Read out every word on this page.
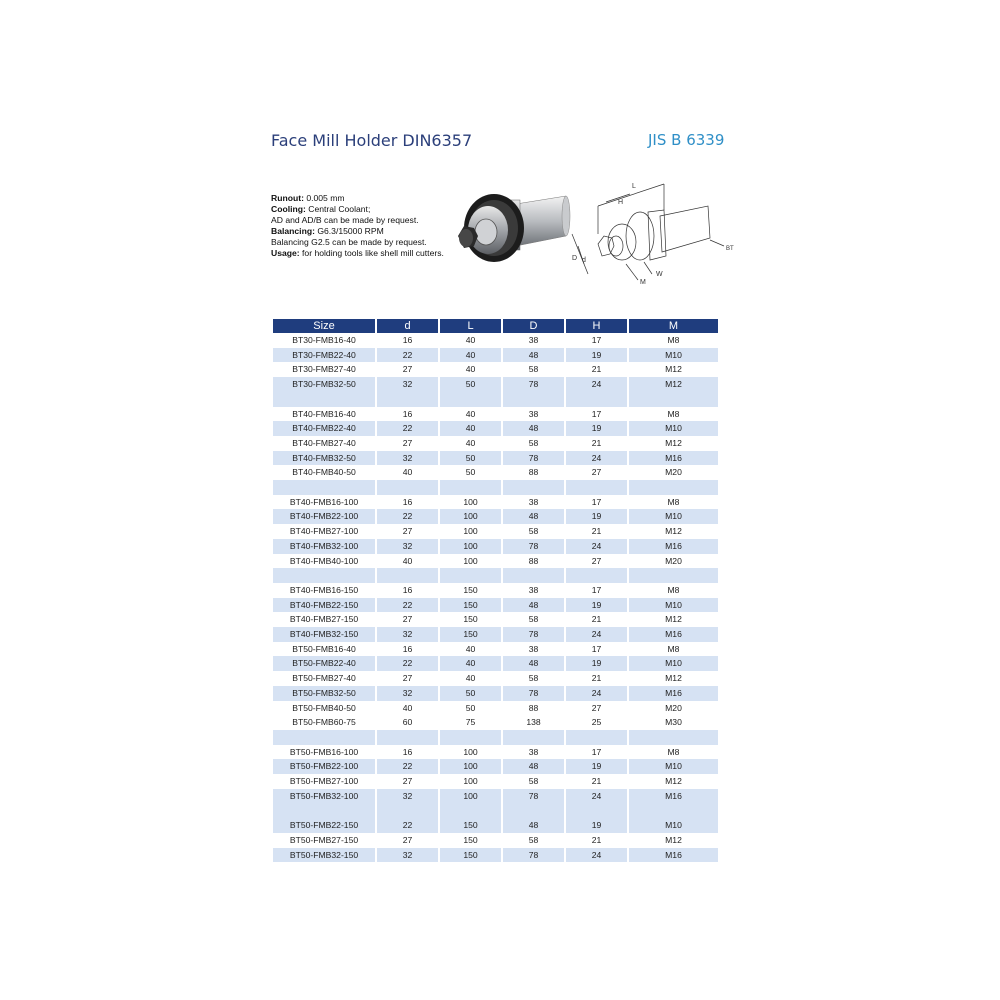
Face Mill Holder DIN6357	JIS B 6339
Runout: 0.005 mm
Cooling: Central Coolant;
AD and AD/B can be made by request.
Balancing: G6.3/15000 RPM
Balancing G2.5 can be made by request.
Usage: for holding tools like shell mill cutters.
H
L
d
D
M
W
BT
Size	d	L	D	H	M
BT30-FMB16-40	16	40	38	17	M8
BT30-FMB22-40	22	40	48	19	M10
BT30-FMB27-40	27	40	58	21	M12
BT30-FMB32-50	32	50	78	24	M12

BT40-FMB16-40	16	40	38	17	M8
BT40-FMB22-40	22	40	48	19	M10
BT40-FMB27-40	27	40	58	21	M12
BT40-FMB32-50	32	50	78	24	M16
BT40-FMB40-50	40	50	88	27	M20

BT40-FMB16-100	16	100	38	17	M8
BT40-FMB22-100	22	100	48	19	M10
BT40-FMB27-100	27	100	58	21	M12
BT40-FMB32-100	32	100	78	24	M16
BT40-FMB40-100	40	100	88	27	M20

BT40-FMB16-150	16	150	38	17	M8
BT40-FMB22-150	22	150	48	19	M10
BT40-FMB27-150	27	150	58	21	M12
BT40-FMB32-150	32	150	78	24	M16
BT50-FMB16-40	16	40	38	17	M8
BT50-FMB22-40	22	40	48	19	M10
BT50-FMB27-40	27	40	58	21	M12
BT50-FMB32-50	32	50	78	24	M16
BT50-FMB40-50	40	50	88	27	M20
BT50-FMB60-75	60	75	138	25	M30

BT50-FMB16-100	16	100	38	17	M8
BT50-FMB22-100	22	100	48	19	M10
BT50-FMB27-100	27	100	58	21	M12
BT50-FMB32-100	32	100	78	24	M16

BT50-FMB22-150	22	150	48	19	M10
BT50-FMB27-150	27	150	58	21	M12
BT50-FMB32-150	32	150	78	24	M16
